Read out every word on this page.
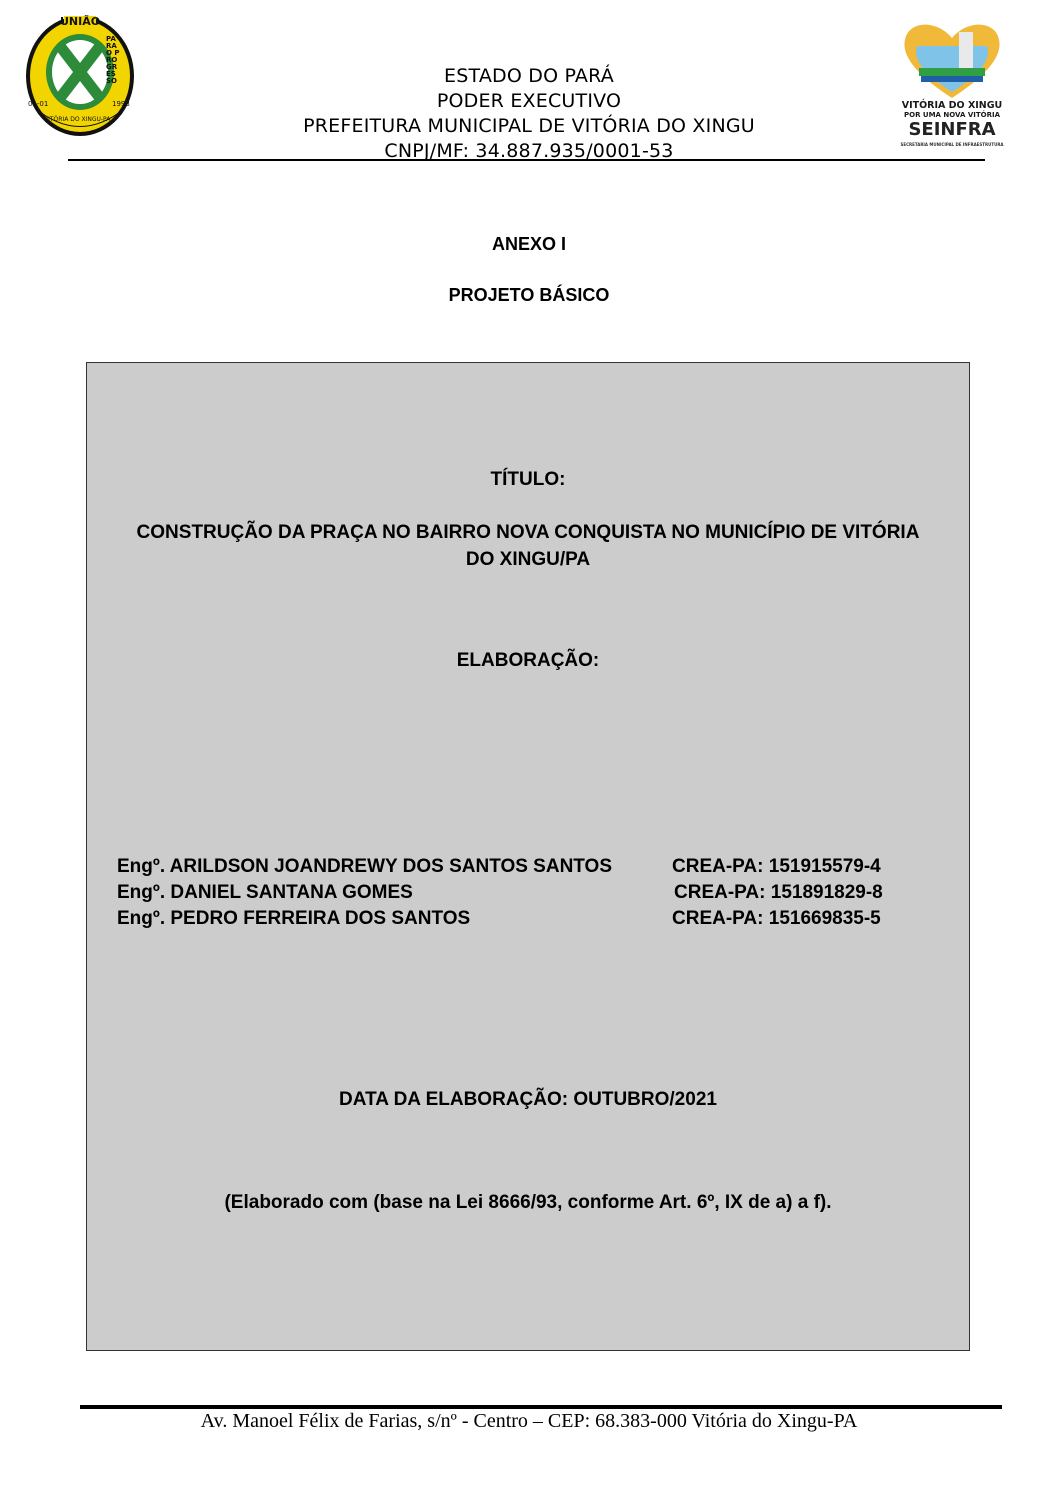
UNIÃO
PARA O PROGRESSO
01-01
VITÓRIA DO XINGU-PA
1993
ESTADO DO PARÁ
PODER EXECUTIVO
PREFEITURA MUNICIPAL DE VITÓRIA DO XINGU
CNPJ/MF: 34.887.935/0001-53
VITÓRIA DO XINGU
POR UMA NOVA VITÓRIA
SEINFRA
SECRETARIA MUNICIPAL DE INFRAESTRUTURA
ANEXO I
PROJETO BÁSICO
TÍTULO:
CONSTRUÇÃO DA PRAÇA NO BAIRRO NOVA CONQUISTA NO MUNICÍPIO DE VITÓRIA DO XINGU/PA
ELABORAÇÃO:
Engº. ARILDSON JOANDREWY DOS SANTOS SANTOS	CREA-PA: 151915579-4
Engº. DANIEL SANTANA GOMES	CREA-PA: 151891829-8
Engº. PEDRO FERREIRA DOS SANTOS	CREA-PA: 151669835-5
DATA DA ELABORAÇÃO: OUTUBRO/2021
(Elaborado com (base na Lei 8666/93, conforme Art. 6º, IX de a) a f).
Av. Manoel Félix de Farias, s/nº - Centro – CEP: 68.383-000 Vitória do Xingu-PA
